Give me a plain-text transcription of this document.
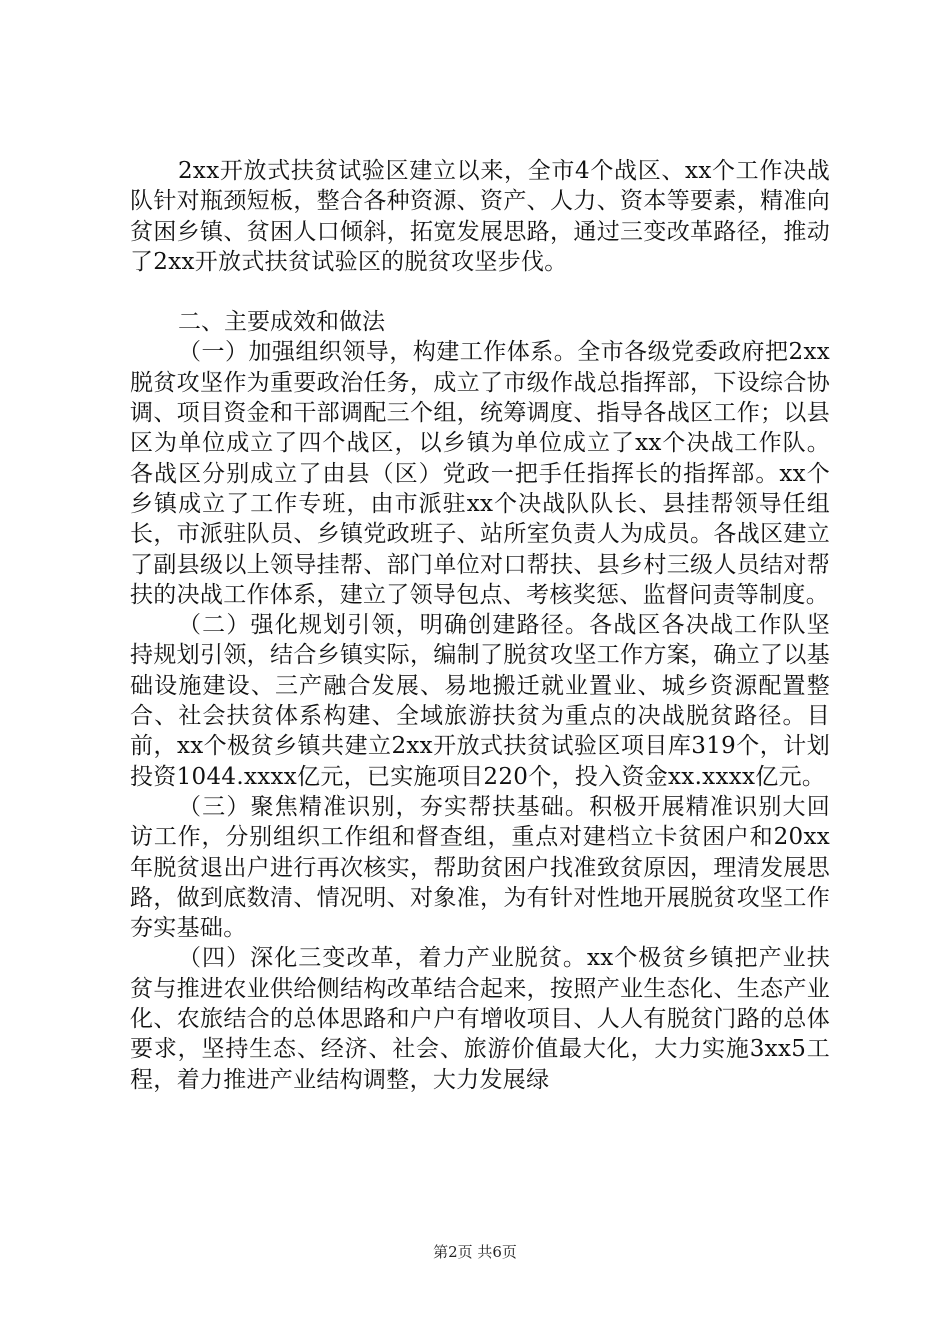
2xx开放式扶贫试验区建立以来，全市4个战区、xx个工作决战队针对瓶颈短板，整合各种资源、资产、人力、资本等要素，精准向贫困乡镇、贫困人口倾斜，拓宽发展思路，通过三变改革路径，推动了2xx开放式扶贫试验区的脱贫攻坚步伐。

二、主要成效和做法

（一）加强组织领导，构建工作体系。全市各级党委政府把2xx脱贫攻坚作为重要政治任务，成立了市级作战总指挥部，下设综合协调、项目资金和干部调配三个组，统筹调度、指导各战区工作；以县区为单位成立了四个战区，以乡镇为单位成立了xx个决战工作队。各战区分别成立了由县（区）党政一把手任指挥长的指挥部。xx个乡镇成立了工作专班，由市派驻xx个决战队队长、县挂帮领导任组长，市派驻队员、乡镇党政班子、站所室负责人为成员。各战区建立了副县级以上领导挂帮、部门单位对口帮扶、县乡村三级人员结对帮扶的决战工作体系，建立了领导包点、考核奖惩、监督问责等制度。

（二）强化规划引领，明确创建路径。各战区各决战工作队坚持规划引领，结合乡镇实际，编制了脱贫攻坚工作方案，确立了以基础设施建设、三产融合发展、易地搬迁就业置业、城乡资源配置整合、社会扶贫体系构建、全域旅游扶贫为重点的决战脱贫路径。目前，xx个极贫乡镇共建立2xx开放式扶贫试验区项目库319个，计划投资1044.xxxx亿元，已实施项目220个，投入资金xx.xxxx亿元。

（三）聚焦精准识别，夯实帮扶基础。积极开展精准识别大回访工作，分别组织工作组和督查组，重点对建档立卡贫困户和20xx年脱贫退出户进行再次核实，帮助贫困户找准致贫原因，理清发展思路，做到底数清、情况明、对象准，为有针对性地开展脱贫攻坚工作夯实基础。

（四）深化三变改革，着力产业脱贫。xx个极贫乡镇把产业扶贫与推进农业供给侧结构改革结合起来，按照产业生态化、生态产业化、农旅结合的总体思路和户户有增收项目、人人有脱贫门路的总体要求，坚持生态、经济、社会、旅游价值最大化，大力实施3xx5工程，着力推进产业结构调整，大力发展绿

第2页 共6页
